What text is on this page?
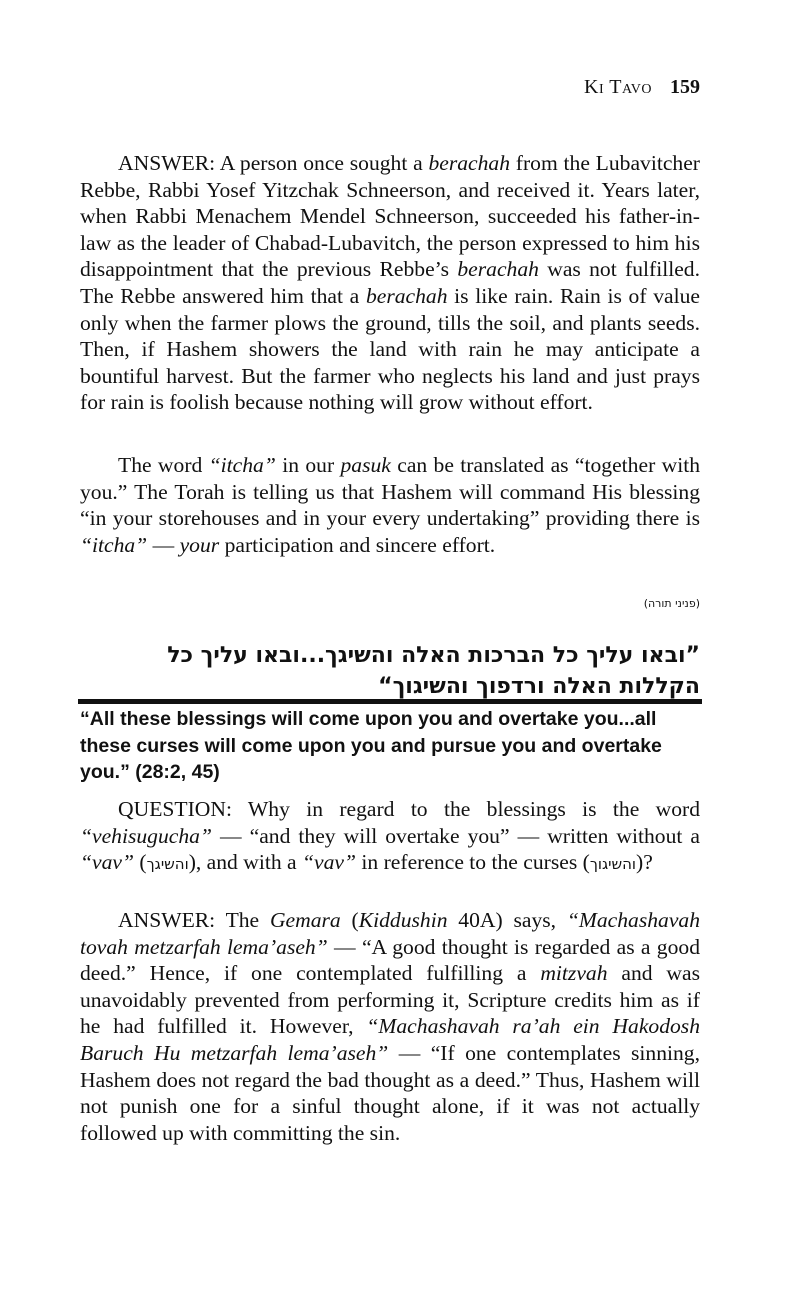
Ki Tavo 159

ANSWER: A person once sought a berachah from the Lubavitcher Rebbe, Rabbi Yosef Yitzchak Schneerson, and received it. Years later, when Rabbi Menachem Mendel Schneerson, succeeded his father-in-law as the leader of Chabad-Lubavitch, the person expressed to him his disappointment that the previous Rebbe’s berachah was not fulfilled. The Rebbe answered him that a berachah is like rain. Rain is of value only when the farmer plows the ground, tills the soil, and plants seeds. Then, if Hashem showers the land with rain he may anticipate a bountiful harvest. But the farmer who neglects his land and just prays for rain is foolish because nothing will grow without effort.

The word “itcha” in our pasuk can be translated as “together with you.” The Torah is telling us that Hashem will command His blessing “in your storehouses and in your every undertaking” providing there is “itcha” — your participation and sincere effort.

(פניני תורה)
”ובאו עליך כל הברכות האלה והשיגך...ובאו עליך כל הקללות האלה ורדפוך והשיגוך“
“All these blessings will come upon you and overtake you...all these curses will come upon you and pursue you and overtake you.” (28:2, 45)

QUESTION: Why in regard to the blessings is the word “vehisugucha” — “and they will overtake you” — written without a “vav” (והשיגך), and with a “vav” in reference to the curses (והשיגוך)?

ANSWER: The Gemara (Kiddushin 40A) says, “Machashavah tovah metzarfah lema’aseh” — “A good thought is regarded as a good deed.” Hence, if one contemplated fulfilling a mitzvah and was unavoidably prevented from performing it, Scripture credits him as if he had fulfilled it. However, “Machashavah ra’ah ein Hakodosh Baruch Hu metzarfah lema’aseh” — “If one contemplates sinning, Hashem does not regard the bad thought as a deed.” Thus, Hashem will not punish one for a sinful thought alone, if it was not actually followed up with committing the sin.
